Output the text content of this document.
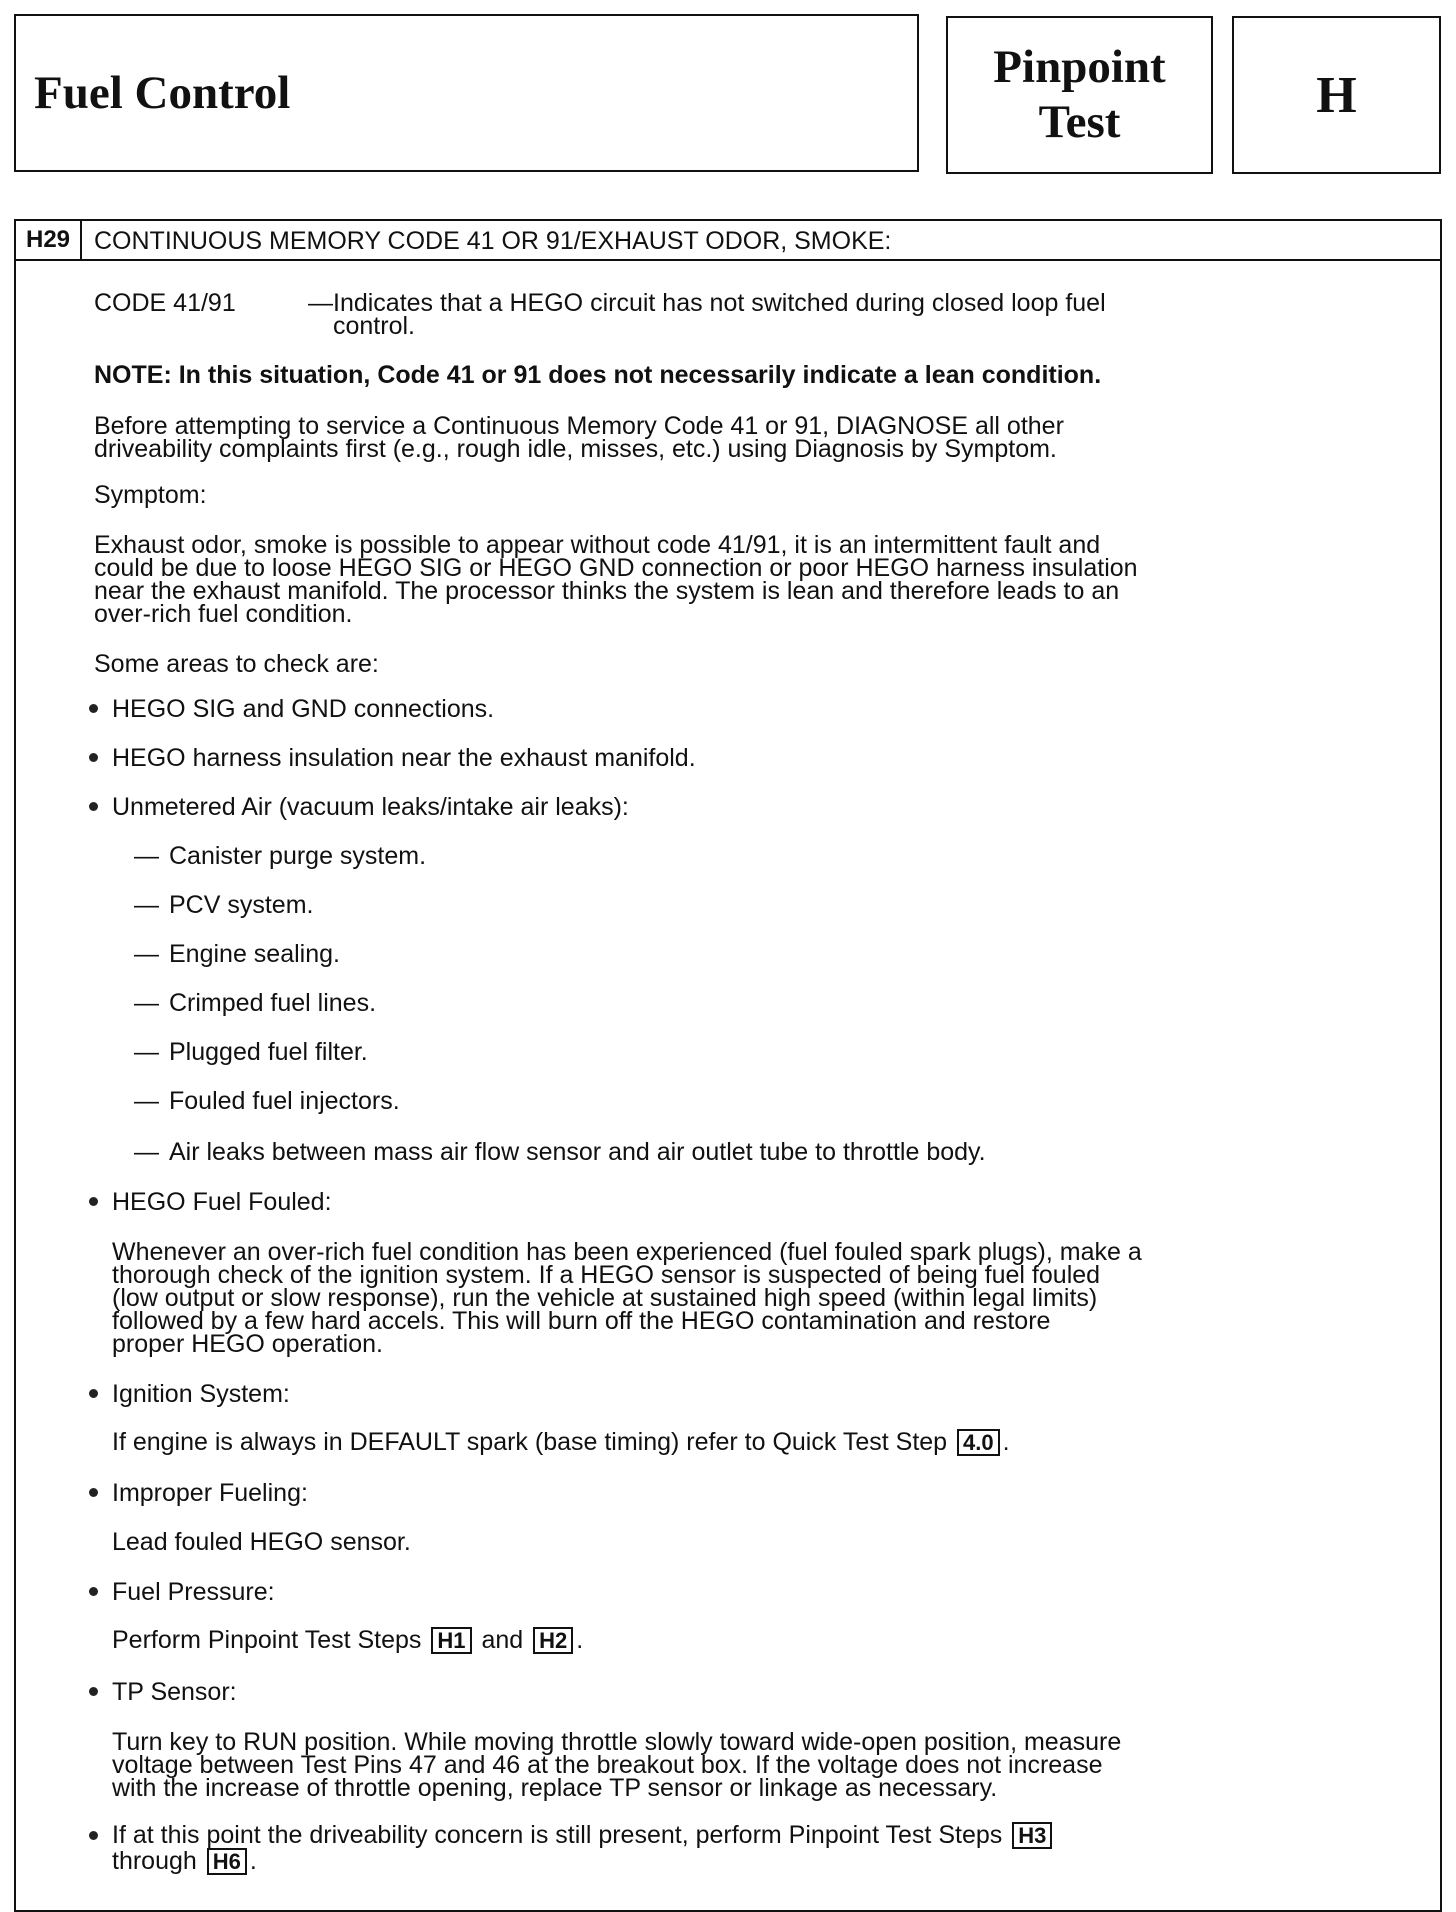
Fuel Control	Pinpoint
Test	H
H29 CONTINUOUS MEMORY CODE 41 OR 91/EXHAUST ODOR, SMOKE:
CODE 41/91	— Indicates that a HEGO circuit has not switched during closed loop fuel
control.
NOTE: In this situation, Code 41 or 91 does not necessarily indicate a lean condition.
Before attempting to service a Continuous Memory Code 41 or 91, DIAGNOSE all other
driveability complaints first (e.g., rough idle, misses, etc.) using Diagnosis by Symptom.
Symptom:
Exhaust odor, smoke is possible to appear without code 41/91, it is an intermittent fault and
could be due to loose HEGO SIG or HEGO GND connection or poor HEGO harness insulation
near the exhaust manifold. The processor thinks the system is lean and therefore leads to an
over-rich fuel condition.
Some areas to check are:
HEGO SIG and GND connections.
HEGO harness insulation near the exhaust manifold.
Unmetered Air (vacuum leaks/intake air leaks):
— Canister purge system.
— PCV system.
— Engine sealing.
— Crimped fuel lines.
— Plugged fuel filter.
— Fouled fuel injectors.
— Air leaks between mass air flow sensor and air outlet tube to throttle body.
HEGO Fuel Fouled:
Whenever an over-rich fuel condition has been experienced (fuel fouled spark plugs), make a
thorough check of the ignition system. If a HEGO sensor is suspected of being fuel fouled
(low output or slow response), run the vehicle at sustained high speed (within legal limits)
followed by a few hard accels. This will burn off the HEGO contamination and restore
proper HEGO operation.
Ignition System:
If engine is always in DEFAULT spark (base timing) refer to Quick Test Step 4.0 .
Improper Fueling:
Lead fouled HEGO sensor.
Fuel Pressure:
Perform Pinpoint Test Steps H1 and H2 .
TP Sensor:
Turn key to RUN position. While moving throttle slowly toward wide-open position, measure
voltage between Test Pins 47 and 46 at the breakout box. If the voltage does not increase
with the increase of throttle opening, replace TP sensor or linkage as necessary.
If at this point the driveability concern is still present, perform Pinpoint Test Steps H3
through H6 .
